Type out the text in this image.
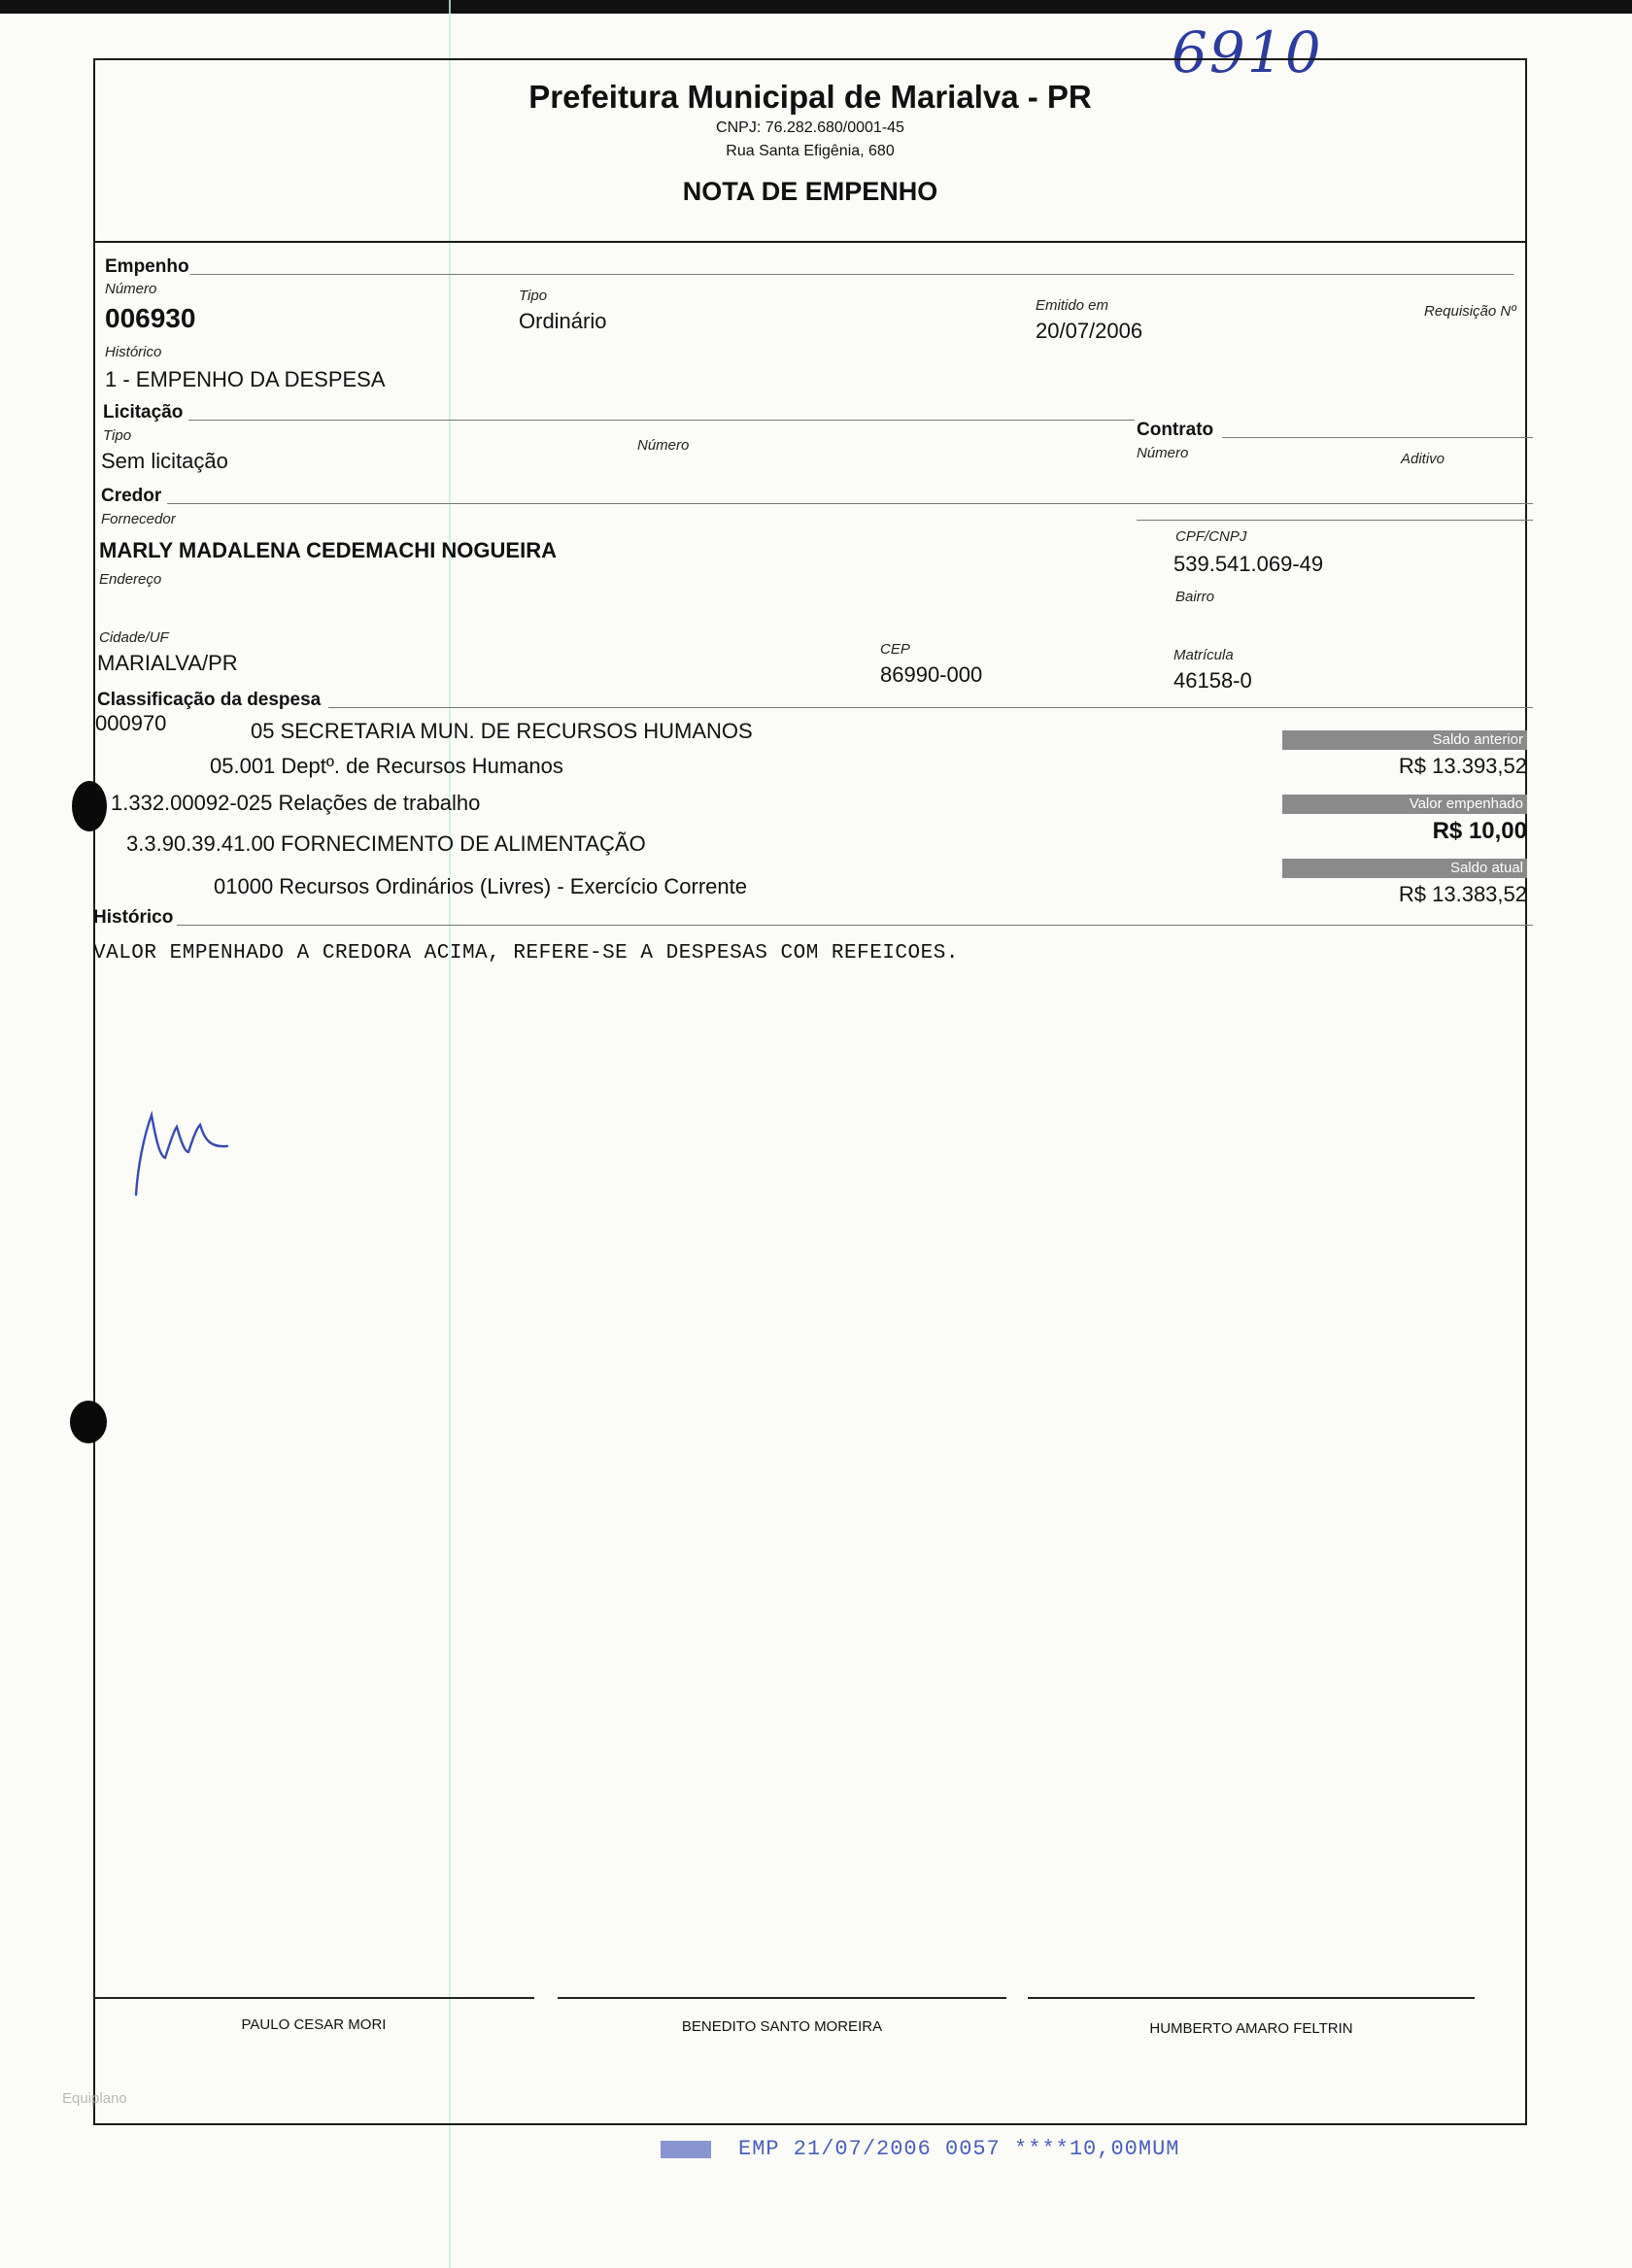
6910
Prefeitura Municipal de Marialva - PR
CNPJ: 76.282.680/0001-45
Rua Santa Efigênia, 680
NOTA DE EMPENHO
Empenho
Número
006930
Tipo
Ordinário
Emitido em
20/07/2006
Requisição Nº
Histórico
1 - EMPENHO DA DESPESA
Licitação
Tipo
Sem licitação
Número
Contrato
Número	Aditivo
Credor
Fornecedor
MARLY MADALENA CEDEMACHI NOGUEIRA
CPF/CNPJ
539.541.069-49
Endereço
Bairro
Cidade/UF
MARIALVA/PR
CEP
86990-000
Matrícula
46158-0
Classificação da despesa
000970	05 SECRETARIA MUN. DE RECURSOS HUMANOS
05.001 Deptº. de Recursos Humanos
1.332.00092-025 Relações de trabalho
3.3.90.39.41.00 FORNECIMENTO DE ALIMENTAÇÃO
01000 Recursos Ordinários (Livres) - Exercício Corrente
Saldo anterior
R$ 13.393,52
Valor empenhado
R$ 10,00
Saldo atual
R$ 13.383,52
Histórico
VALOR EMPENHADO A CREDORA ACIMA, REFERE-SE A DESPESAS COM REFEICOES.
PAULO CESAR MORI	BENEDITO SANTO MOREIRA	HUMBERTO AMARO FELTRIN
Equiplano
EMP 21/07/2006 0057 ****10,00MUM
